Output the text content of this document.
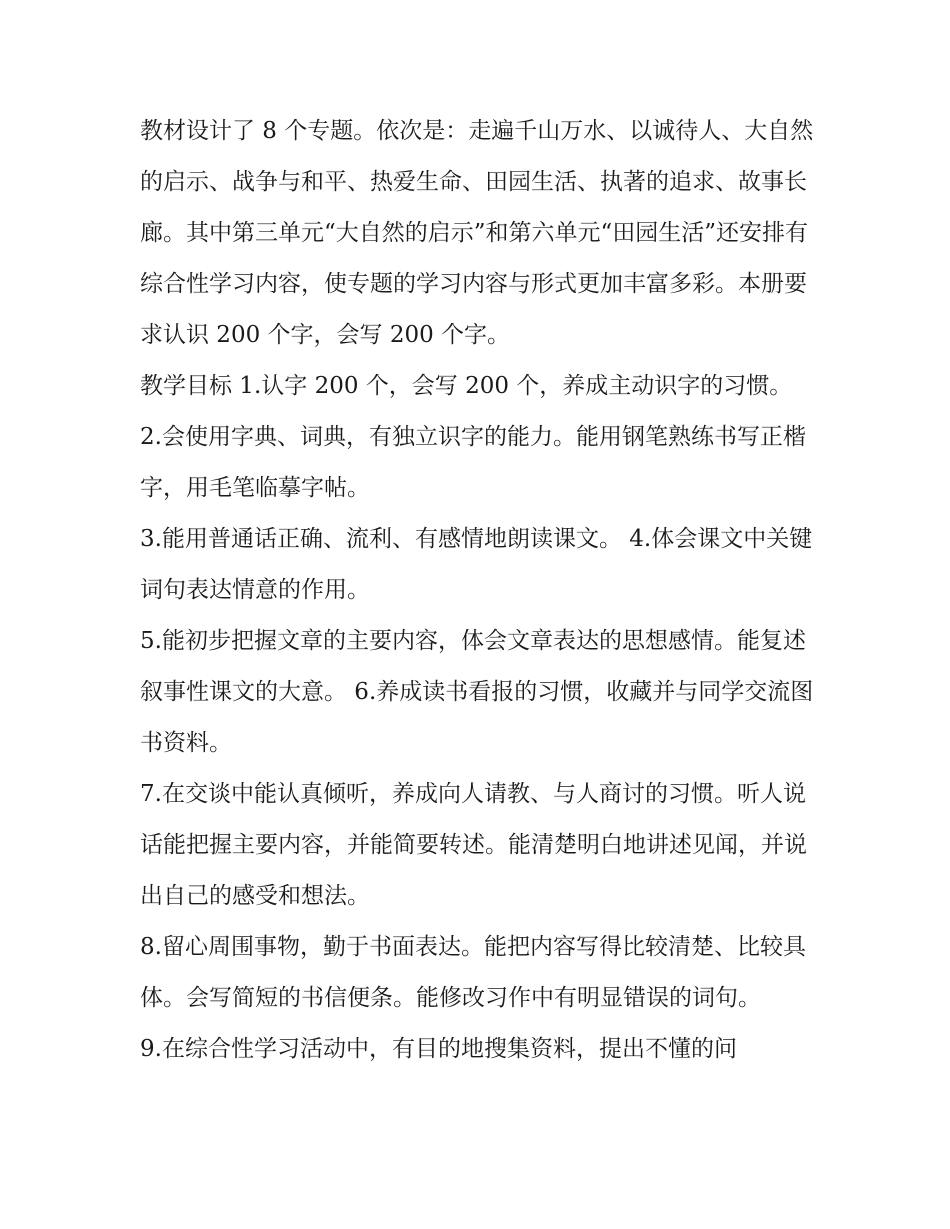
教材设计了 8 个专题。依次是：走遍千山万水、以诚待人、大自然的启示、战争与和平、热爱生命、田园生活、执著的追求、故事长廊。其中第三单元“大自然的启示”和第六单元“田园生活”还安排有综合性学习内容，使专题的学习内容与形式更加丰富多彩。本册要求认识 200 个字，会写 200 个字。

教学目标 1.认字 200 个，会写 200 个，养成主动识字的习惯。

2.会使用字典、词典，有独立识字的能力。能用钢笔熟练书写正楷字，用毛笔临摹字帖。

3.能用普通话正确、流利、有感情地朗读课文。 4.体会课文中关键词句表达情意的作用。

5.能初步把握文章的主要内容，体会文章表达的思想感情。能复述叙事性课文的大意。 6.养成读书看报的习惯，收藏并与同学交流图书资料。

7.在交谈中能认真倾听，养成向人请教、与人商讨的习惯。听人说话能把握主要内容，并能简要转述。能清楚明白地讲述见闻，并说出自己的感受和想法。

8.留心周围事物，勤于书面表达。能把内容写得比较清楚、比较具体。会写简短的书信便条。能修改习作中有明显错误的词句。

9.在综合性学习活动中，有目的地搜集资料，提出不懂的问
